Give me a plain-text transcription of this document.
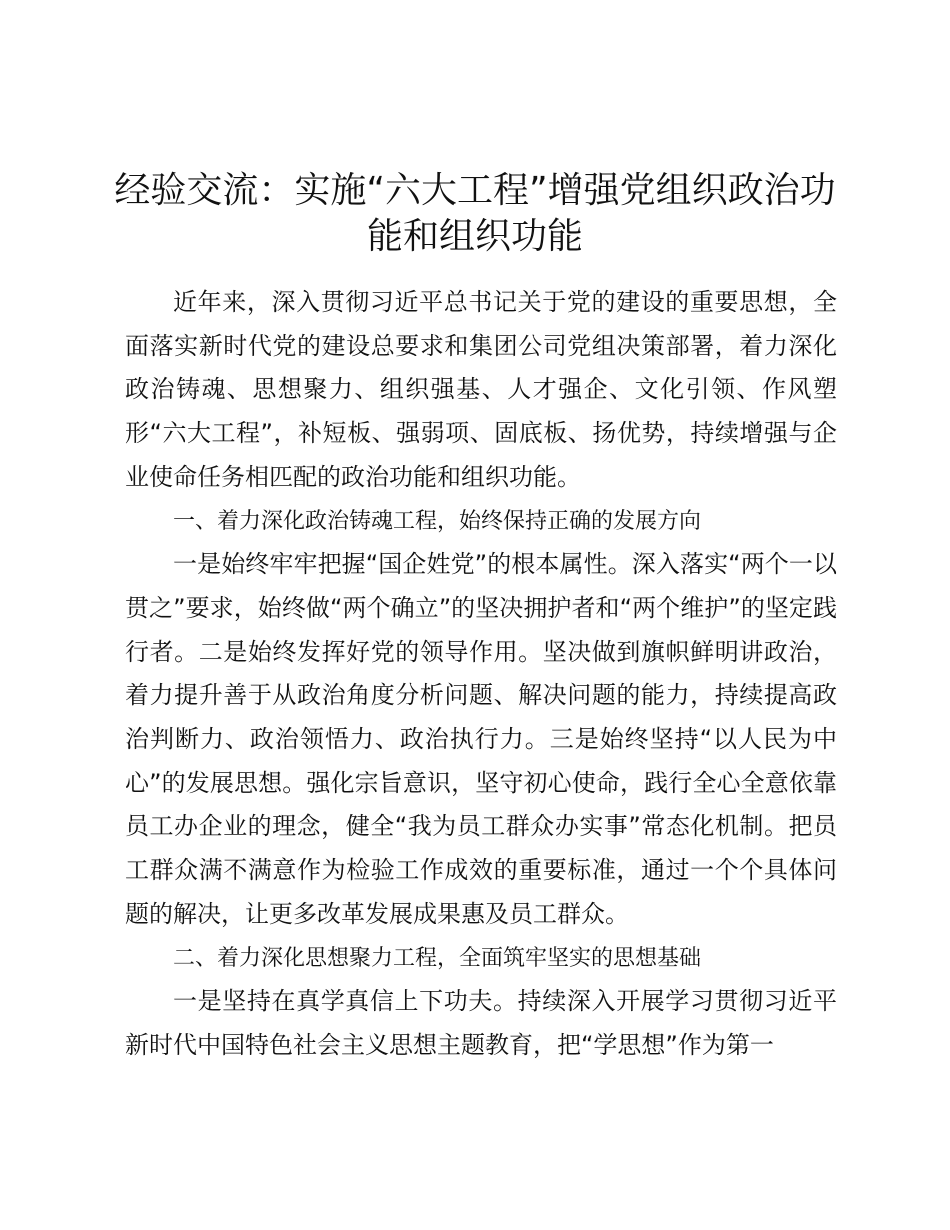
经验交流：实施“六大工程”增强党组织政治功能和组织功能

近年来，深入贯彻习近平总书记关于党的建设的重要思想，全面落实新时代党的建设总要求和集团公司党组决策部署，着力深化政治铸魂、思想聚力、组织强基、人才强企、文化引领、作风塑形“六大工程”，补短板、强弱项、固底板、扬优势，持续增强与企业使命任务相匹配的政治功能和组织功能。

一、着力深化政治铸魂工程，始终保持正确的发展方向

一是始终牢牢把握“国企姓党”的根本属性。深入落实“两个一以贯之”要求，始终做“两个确立”的坚决拥护者和“两个维护”的坚定践行者。二是始终发挥好党的领导作用。坚决做到旗帜鲜明讲政治，着力提升善于从政治角度分析问题、解决问题的能力，持续提高政治判断力、政治领悟力、政治执行力。三是始终坚持“以人民为中心”的发展思想。强化宗旨意识，坚守初心使命，践行全心全意依靠员工办企业的理念，健全“我为员工群众办实事”常态化机制。把员工群众满不满意作为检验工作成效的重要标准，通过一个个具体问题的解决，让更多改革发展成果惠及员工群众。

二、着力深化思想聚力工程，全面筑牢坚实的思想基础

一是坚持在真学真信上下功夫。持续深入开展学习贯彻习近平新时代中国特色社会主义思想主题教育，把“学思想”作为第一
